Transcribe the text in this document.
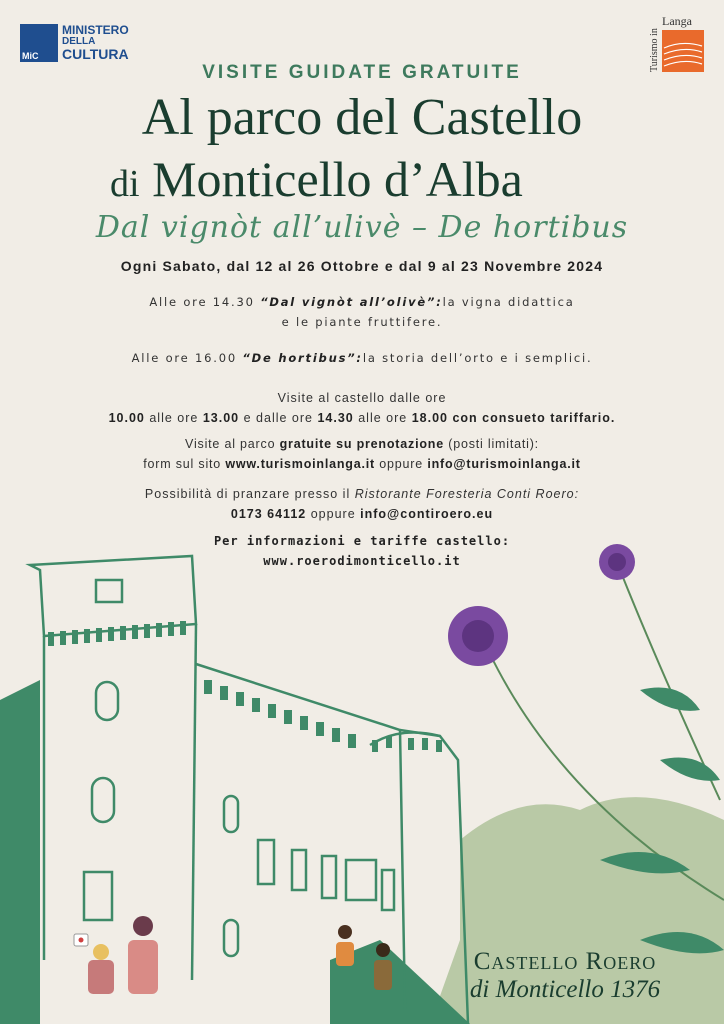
MiC
MINISTERO
DELLA
CULTURA	Turismo in
Langa
VISITE GUIDATE GRATUITE
Al parco del Castello
di Monticello d’Alba
Dal vignòt all’ulivè – De hortibus
Ogni Sabato, dal 12 al 26 Ottobre e dal 9 al 23 Novembre 2024
Alle ore 14.30 “Dal vignòt all’olivè”:la vigna didattica
e le piante fruttifere.
Alle ore 16.00 “De hortibus”:la storia dell’orto e i semplici.
Visite al castello dalle ore
10.00 alle ore 13.00 e dalle ore 14.30 alle ore 18.00 con consueto tariffario.
Visite al parco gratuite su prenotazione (posti limitati):
form sul sito www.turismoinlanga.it oppure info@turismoinlanga.it
Possibilità di pranzare presso il Ristorante Foresteria Conti Roero:
0173 64112 oppure info@contiroero.eu
Per informazioni e tariffe castello:
www.roerodimonticello.it
Castello Roero
di Monticello 1376
